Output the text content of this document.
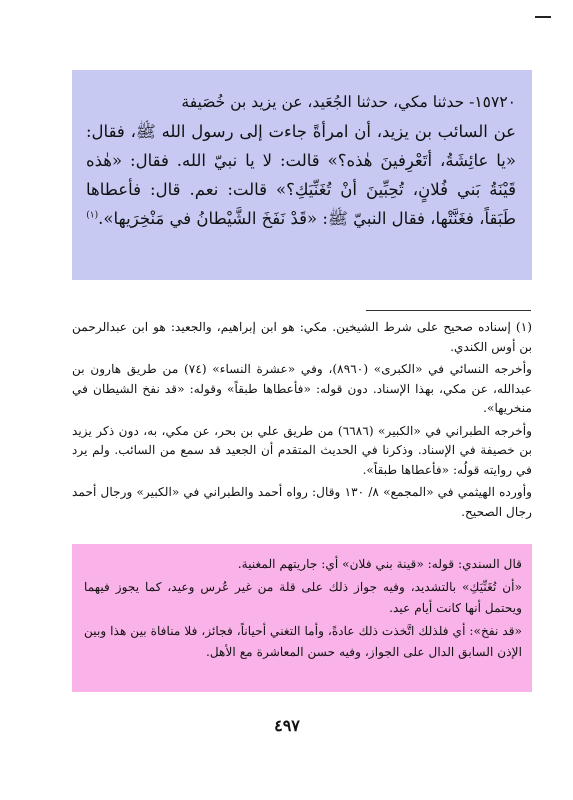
١٥٧٢٠- حدثنا مكي، حدثنا الجُعَيد، عن يزيد بن خُصَيفة

عن السائب بن يزيد، أن امرأةً جاءت إلى رسول الله ﷺ، فقال: «يا عائِشَةُ، أتَعْرِفينَ هٰذه؟» قالت: لا يا نبيّ الله. فقال: «هٰذه قَيْنَةُ بَني فُلانٍ، تُحِبِّينَ أنْ تُغَنِّيَكِ؟» قالت: نعم. قال: فأعطاها طَبَقاً، فغَنَّتْها، فقال النبيّ ﷺ: «قَدْ نَفَخَ الشَّيْطانُ في مَنْخِرَيها».$^{(١)}$

(١) إسناده صحيح على شرط الشيخين. مكي: هو ابن إبراهيم، والجعيد: هو ابن عبدالرحمن بن أوس الكندي.

وأخرجه النسائي في «الكبرى» (٨٩٦٠)، وفي «عشرة النساء» (٧٤) من طريق هارون بن عبدالله، عن مكي، بهذا الإسناد. دون قوله: «فأعطاها طبقاً» وقوله: «قد نفخ الشيطان في منخريها».

وأخرجه الطبراني في «الكبير» (٦٦٨٦) من طريق علي بن بحر، عن مكي، به، دون ذكر يزيد بن خصيفة في الإسناد. وذكرنا في الحديث المتقدم أن الجعيد قد سمع من السائب. ولم يرد في روايته قولُه: «فأعطاها طبقاً».

وأورده الهيثمي في «المجمع» ٨/ ١٣٠ وقال: رواه أحمد والطبراني في «الكبير» ورجال أحمد رجال الصحيح.

قال السندي: قوله: «قينة بني فلان» أي: جاريتهم المغنية.

«أن تُغَنِّيَكِ» بالتشديد، وفيه جواز ذلك على قلة من غير عُرس وعيد، كما يجوز فيهما ويحتمل أنها كانت أيام عيد.

«قد نفخ»: أي فلذلك اتَّخذت ذلك عادةً، وأما التغني أحياناً، فجائز، فلا منافاة بين هذا وبين الإذن السابق الدال على الجواز، وفيه حسن المعاشرة مع الأهل.

٤٩٧
